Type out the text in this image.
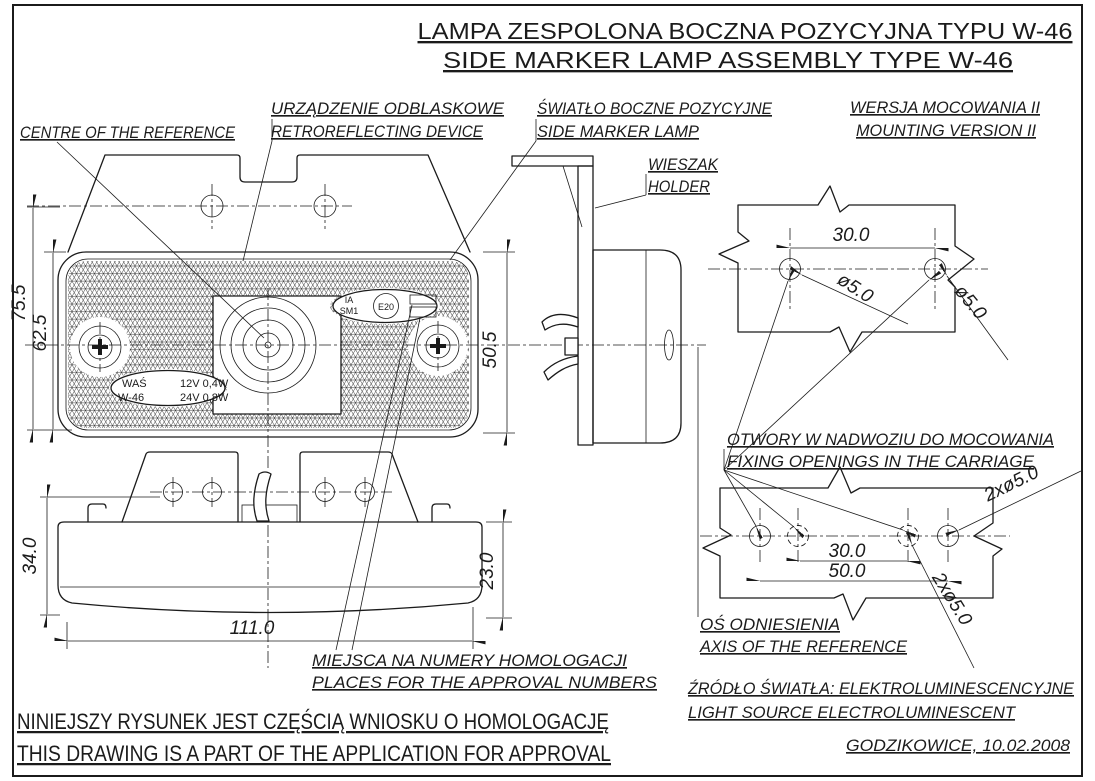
LAMPA ZESPOLONA BOCZNA POZYCYJNA TYPU W-46
SIDE MARKER LAMP ASSEMBLY TYPE W-46
WAŚ	12V 0,4W
W-46	24V 0,8W
IA
SM1 E20
30.0
ø5.0	ø5.0
30.0
50.0
2xø5.0
2xø5.0
75.5
62.5	50.5
34.0	23.0
111.0
CENTRE OF THE REFERENCE
URZĄDZENIE ODBLASKOWE
RETROREFLECTING DEVICE
ŚWIATŁO BOCZNE POZYCYJNE
SIDE MARKER LAMP
WERSJA MOCOWANIA II
MOUNTING VERSION II
WIESZAK
HOLDER
OTWORY W NADWOZIU DO MOCOWANIA
FIXING OPENINGS IN THE CARRIAGE
OŚ ODNIESIENIA
AXIS OF THE REFERENCE
MIEJSCA NA NUMERY HOMOLOGACJI
PLACES FOR THE APPROVAL NUMBERS ŹRÓDŁO ŚWIATŁA: ELEKTROLUMINESCENCYJNE
LIGHT SOURCE ELECTROLUMINESCENT
GODZIKOWICE, 10.02.2008
NINIEJSZY RYSUNEK JEST CZĘŚCIĄ WNIOSKU O HOMOLOGACJĘ
THIS DRAWING IS A PART OF THE APPLICATION FOR APPROVAL
